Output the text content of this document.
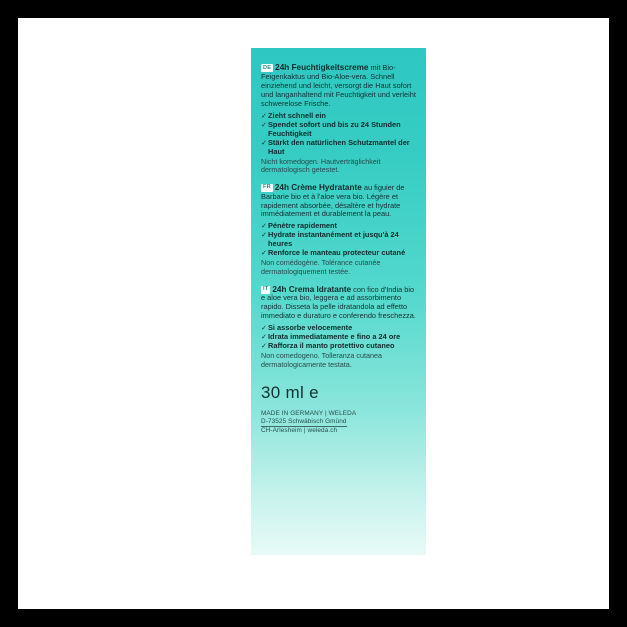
DE 24h Feuchtigkeitscreme mit Bio-Feigenkaktus und Bio-Aloe-vera. Schnell einziehend und leicht, versorgt die Haut sofort und langanhaltend mit Feuchtigkeit und verleiht schwerelose Frische.

✓ Zieht schnell ein
✓ Spendet sofort und bis zu 24 Stunden Feuchtigkeit
✓ Stärkt den natürlichen Schutzmantel der Haut

Nicht komedogen. Hautverträglichkeit dermatologisch getestet.

FR 24h Crème Hydratante au figuier de Barbarie bio et à l'aloe vera bio. Légère et rapidement absorbée, désaltère et hydrate immédiatement et durablement la peau.

✓ Pénètre rapidement
✓ Hydrate instantanément et jusqu'à 24 heures
✓ Renforce le manteau protecteur cutané

Non comédogène. Tolérance cutanée dermatologiquement testée.

IT 24h Crema Idratante con fico d'India bio e aloe vera bio, leggera e ad assorbimento rapido. Disseta la pelle idratandola ad effetto immediato e duraturo e conferendo freschezza.

✓ Si assorbe velocemente
✓ Idrata immediatamente e fino a 24 ore
✓ Rafforza il manto protettivo cutaneo

Non comedogeno. Tolleranza cutanea dermatologicamente testata.

30 ml e
MADE IN GERMANY | WELEDA
D-73525 Schwäbisch Gmünd
CH-Arlesheim | weleda.ch
